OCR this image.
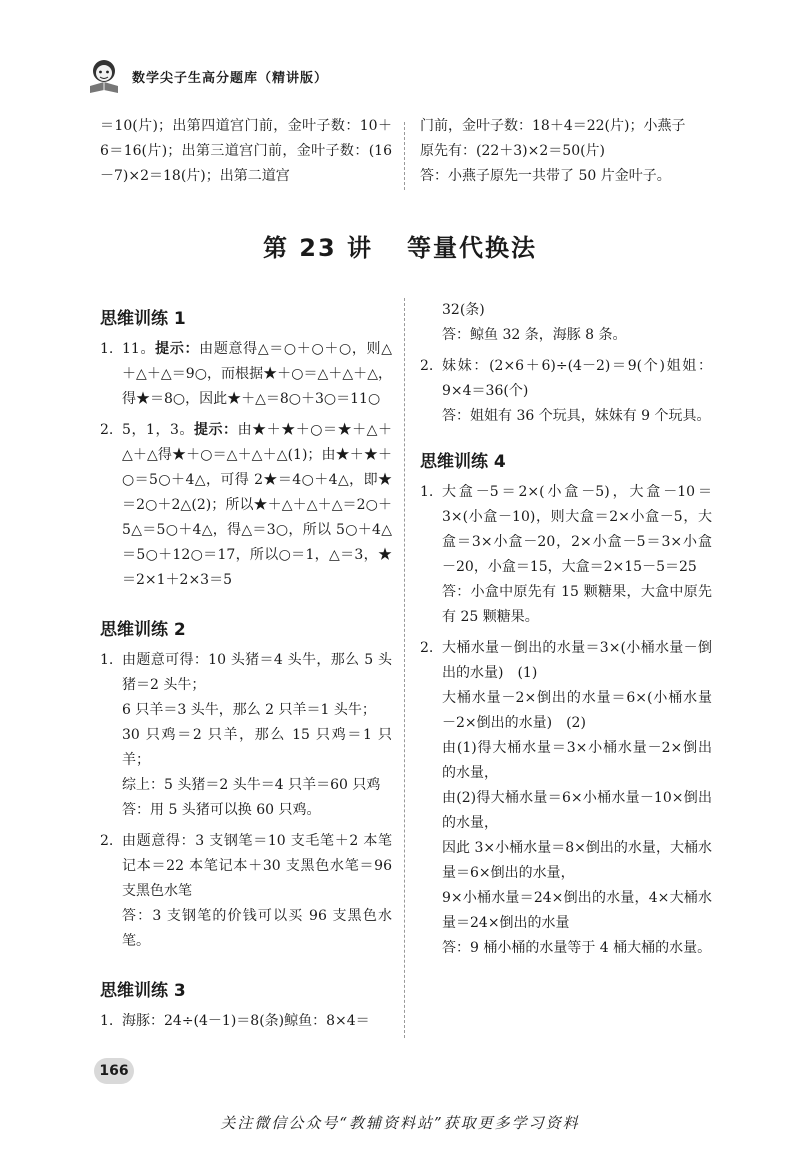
数学尖子生高分题库（精讲版）

＝10(片)；出第四道宫门前，金叶子数：10＋6＝16(片)；出第三道宫门前，金叶子数：(16－7)×2＝18(片)；出第二道宫

门前，金叶子数：18＋4＝22(片)；小燕子
原先有：(22＋3)×2＝50(片)
答：小燕子原先一共带了 50 片金叶子。
第 23 讲 等量代换法
思维训练 1
1. 11。提示：由题意得△＝○＋○＋○，则△＋△＋△＝9○，而根据★＋○＝△＋△＋△，得★＝8○，因此★＋△＝8○＋3○＝11○
2. 5，1，3。提示：由★＋★＋○＝★＋△＋△＋△得★＋○＝△＋△＋△(1)；由★＋★＋○＝5○＋4△，可得 2★＝4○＋4△，即★＝2○＋2△(2)；所以★＋△＋△＋△＝2○＋5△＝5○＋4△，得△＝3○，所以 5○＋4△＝5○＋12○＝17，所以○＝1，△＝3，★＝2×1＋2×3＝5
思维训练 2
1. 由题意可得：10 头猪＝4 头牛，那么 5 头猪＝2 头牛；
6 只羊＝3 头牛，那么 2 只羊＝1 头牛；
30 只鸡＝2 只羊，那么 15 只鸡＝1 只羊；
综上：5 头猪＝2 头牛＝4 只羊＝60 只鸡
答：用 5 头猪可以换 60 只鸡。
2. 由题意得：3 支钢笔＝10 支毛笔＋2 本笔记本＝22 本笔记本＋30 支黑色水笔＝96 支黑色水笔
答：3 支钢笔的价钱可以买 96 支黑色水笔。
思维训练 3
1. 海豚：24÷(4－1)＝8(条)鲸鱼：8×4＝
32(条)
答：鲸鱼 32 条，海豚 8 条。
2. 妹妹：(2×6＋6)÷(4－2)＝9(个)姐姐：9×4＝36(个)
答：姐姐有 36 个玩具，妹妹有 9 个玩具。
思维训练 4
1. 大盒－5＝2×(小盒－5)，大盒－10＝3×(小盒－10)，则大盒＝2×小盒－5，大盒＝3×小盒－20，2×小盒－5＝3×小盒－20，小盒＝15，大盒＝2×15－5＝25
答：小盒中原先有 15 颗糖果，大盒中原先有 25 颗糖果。
2. 大桶水量－倒出的水量＝3×(小桶水量－倒出的水量)　(1)
大桶水量－2×倒出的水量＝6×(小桶水量－2×倒出的水量)　(2)
由(1)得大桶水量＝3×小桶水量－2×倒出的水量，
由(2)得大桶水量＝6×小桶水量－10×倒出的水量，
因此 3×小桶水量＝8×倒出的水量，大桶水量＝6×倒出的水量，
9×小桶水量＝24×倒出的水量，4×大桶水量＝24×倒出的水量
答：9 桶小桶的水量等于 4 桶大桶的水量。
166
关注微信公众号“教辅资料站”获取更多学习资料
